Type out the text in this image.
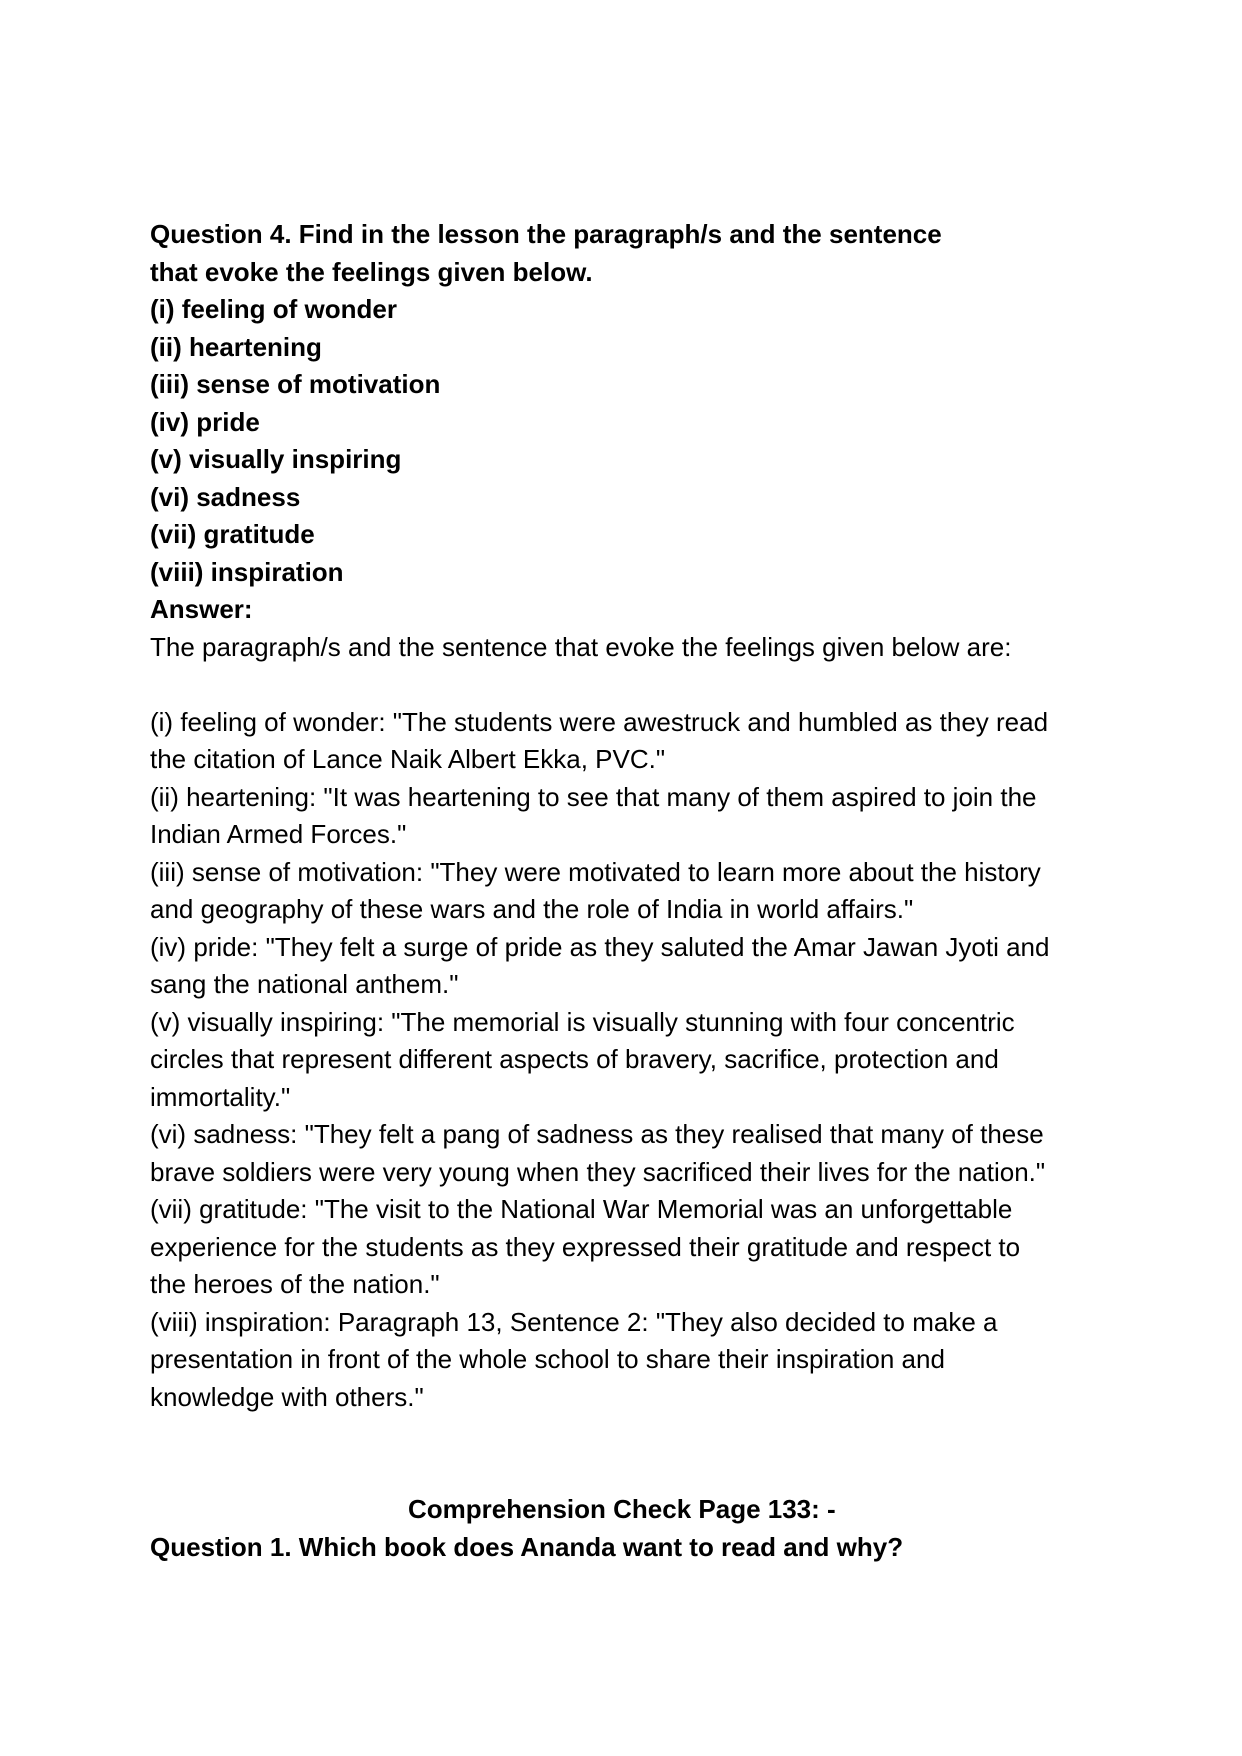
Question 4. Find in the lesson the paragraph/s and the sentence
that evoke the feelings given below.
(i) feeling of wonder
(ii) heartening
(iii) sense of motivation
(iv) pride
(v) visually inspiring
(vi) sadness
(vii) gratitude
(viii) inspiration
Answer:
The paragraph/s and the sentence that evoke the feelings given below are:
(i) feeling of wonder: "The students were awestruck and humbled as they read
the citation of Lance Naik Albert Ekka, PVC."
(ii) heartening: "It was heartening to see that many of them aspired to join the
Indian Armed Forces."
(iii) sense of motivation: "They were motivated to learn more about the history
and geography of these wars and the role of India in world affairs."
(iv) pride: "They felt a surge of pride as they saluted the Amar Jawan Jyoti and
sang the national anthem."
(v) visually inspiring: "The memorial is visually stunning with four concentric
circles that represent different aspects of bravery, sacrifice, protection and
immortality."
(vi) sadness: "They felt a pang of sadness as they realised that many of these
brave soldiers were very young when they sacrificed their lives for the nation."
(vii) gratitude: "The visit to the National War Memorial was an unforgettable
experience for the students as they expressed their gratitude and respect to
the heroes of the nation."
(viii) inspiration: Paragraph 13, Sentence 2: "They also decided to make a
presentation in front of the whole school to share their inspiration and
knowledge with others."
Comprehension Check Page 133: -
Question 1. Which book does Ananda want to read and why?
